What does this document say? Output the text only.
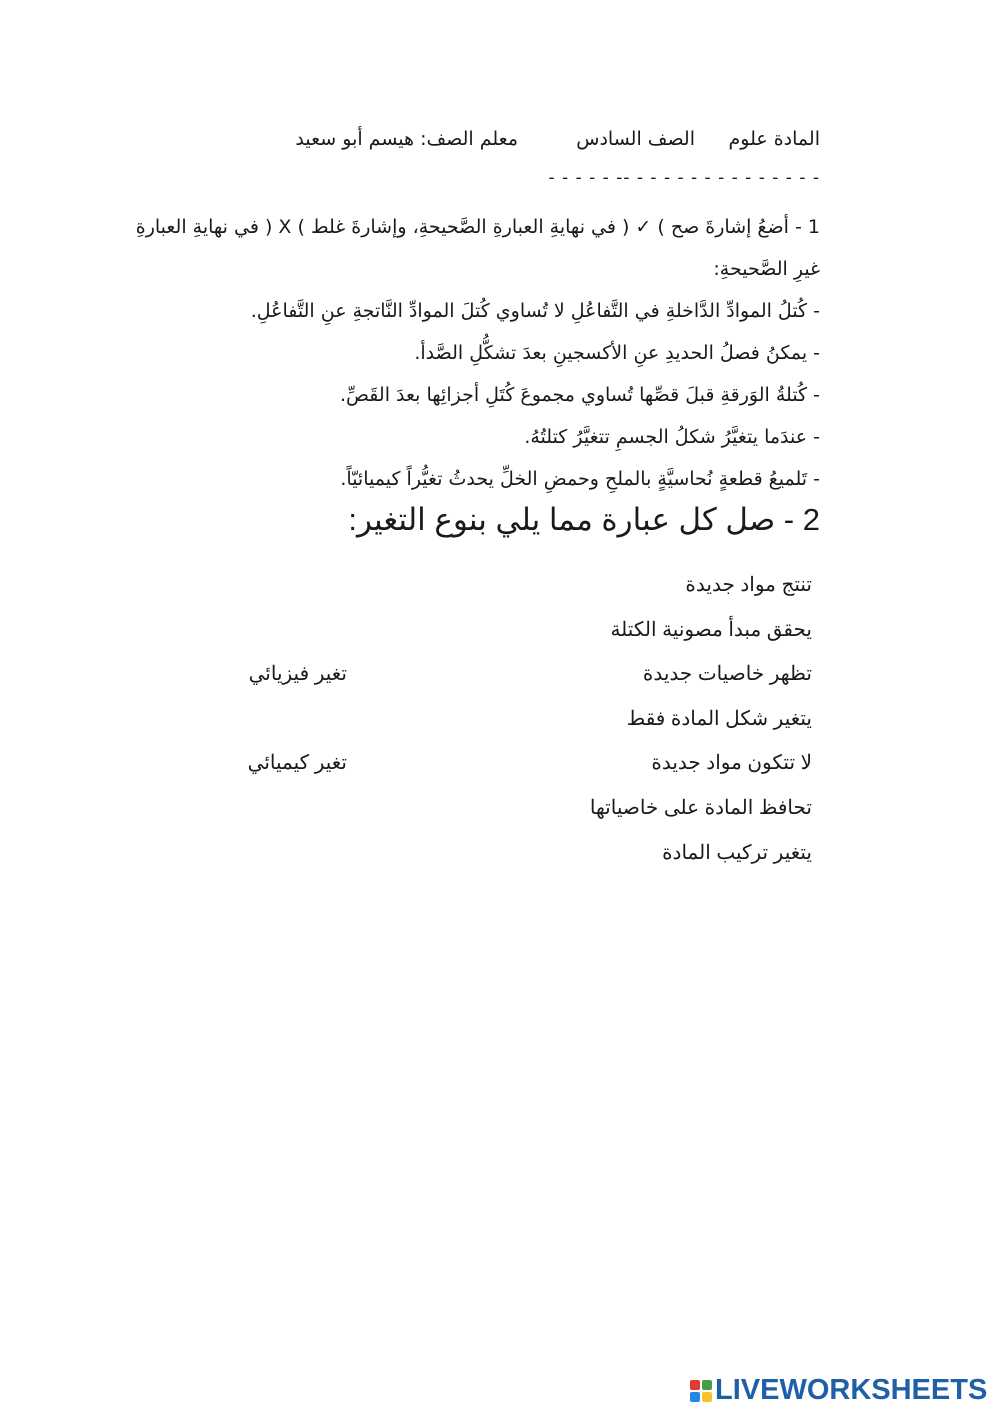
المادة علوم
الصف السادس
معلم الصف: هيسم أبو سعيد
- - - - - -- - - - - - - - - - - - - - -
1 - أضعُ إشارةَ صح ) ✓ ( في نهايةِ العبارةِ الصَّحيحةِ، وإشارةَ غلط ) X ( في نهايةِ العبارةِ
غيرِ الصَّحيحةِ:
- كُتلُ الموادِّ الدَّاخلةِ في التَّفاعُلِ لا تُساوي كُتلَ الموادِّ النَّاتجةِ عنِ التَّفاعُلِ.
- يمكنُ فصلُ الحديدِ عنِ الأكسجينِ بعدَ تشكُّلِ الصَّدأ.
- كُتلةُ الوَرقةِ قبلَ قصِّها تُساوي مجموعَ كُتَلِ أجزائِها بعدَ القَصِّ.
- عندَما يتغيَّرُ شكلُ الجسمِ تتغيَّرُ كتلتُهُ.
- تَلميعُ قطعةٍ نُحاسيَّةٍ بالملحِ وحمضِ الخلِّ يحدثُ تغيُّراً كيميائيّاً.
2 - صل كل عبارة مما يلي بنوع التغير:
تنتج مواد جديدة
يحقق مبدأ مصونية الكتلة
تظهر خاصيات جديدة
يتغير شكل المادة فقط
لا تتكون مواد جديدة
تحافظ المادة على خاصياتها
يتغير تركيب المادة
تغير فيزيائي
تغير كيميائي
LIVEWORKSHEETS
